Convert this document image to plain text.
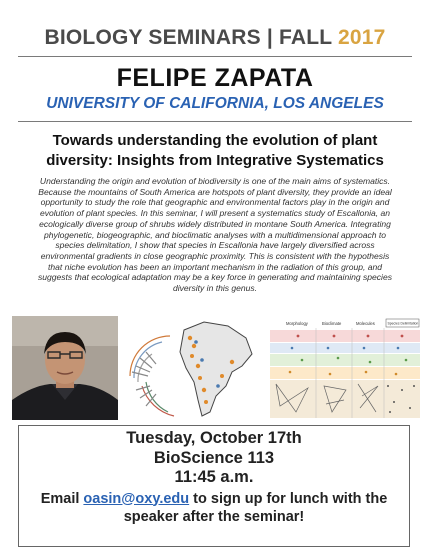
BIOLOGY SEMINARS | FALL 2017
FELIPE ZAPATA
UNIVERSITY OF CALIFORNIA, LOS ANGELES
Towards understanding the evolution of plant
diversity: Insights from Integrative Systematics
Understanding the origin and evolution of biodiversity is one of the main aims of systematics.
Because the mountains of South America are hotspots of plant diversity, they provide an ideal
opportunity to study the role that geographic and environmental factors play in the origin and
evolution of plant species. In this seminar, I will present a systematics study of Escallonia, an
ecologically diverse group of shrubs widely distributed in montane South America. Integrating
phylogenetic, biogeographic, and bioclimatic analyses with a multidimensional approach to
species delimitation, I show that species in Escallonia have largely diversified across
environmental gradients in close geographic proximity. This is consistent with the hypothesis
that niche evolution has been an important mechanism in the radiation of this group, and
suggests that ecological adaptation may be a key force in generating and maintaining species
diversity in this genus.
Morphology	Bioclimate	Molecules	Species Delimitation
Tuesday, October 17th
BioScience 113
11:45 a.m.
Email oasin@oxy.edu to sign up for lunch with the speaker after the seminar!
